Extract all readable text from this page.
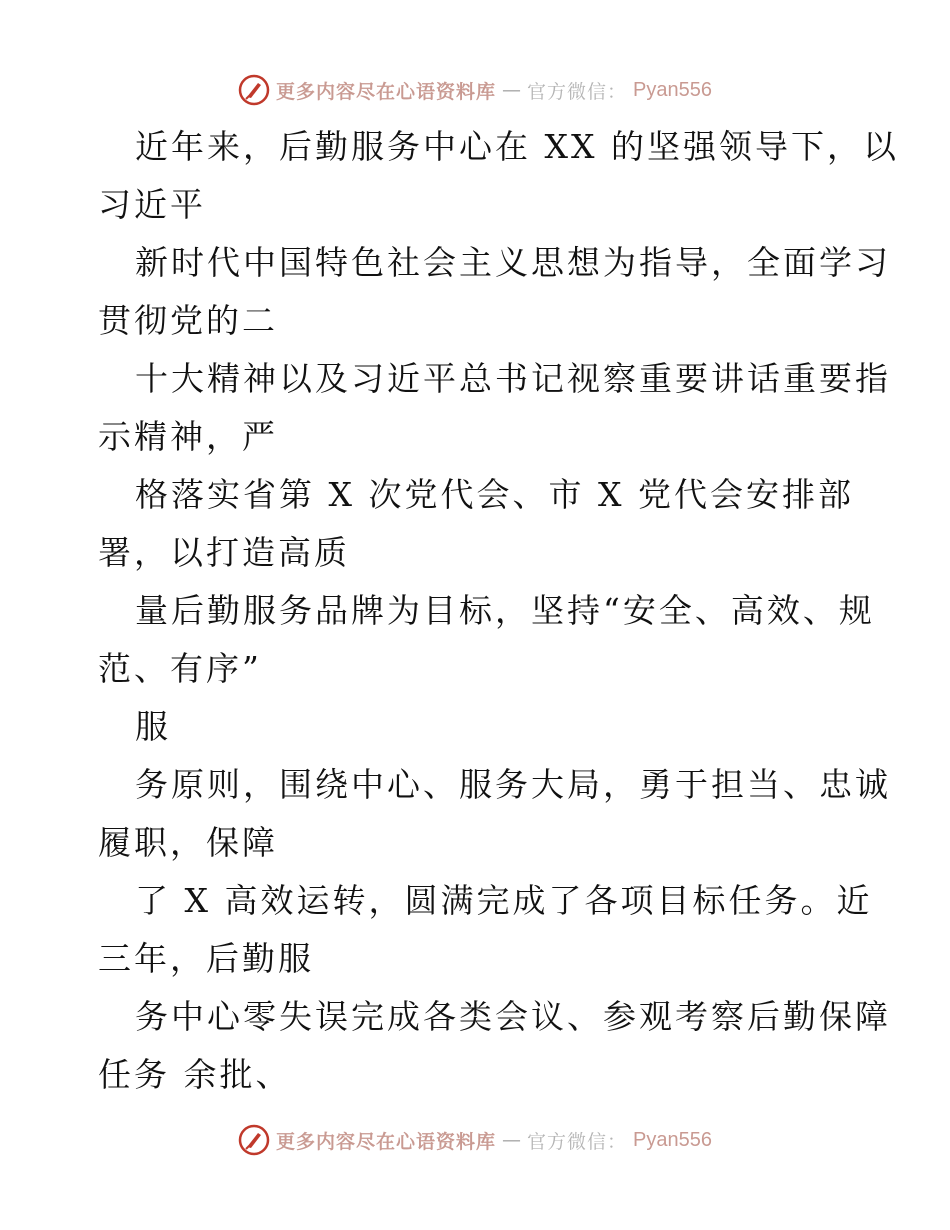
更多内容尽在心语资料库 — 官方微信： Pyan556
近年来，后勤服务中心在 XX 的坚强领导下，以
习近平
新时代中国特色社会主义思想为指导，全面学习
贯彻党的二
十大精神以及习近平总书记视察重要讲话重要指
示精神，严
格落实省第 X 次党代会、市 X 党代会安排部
署，以打造高质
量后勤服务品牌为目标，坚持“安全、高效、规
范、有序”
服
务原则，围绕中心、服务大局，勇于担当、忠诚
履职，保障
了 X 高效运转，圆满完成了各项目标任务。近
三年，后勤服
务中心零失误完成各类会议、参观考察后勤保障
任务 余批、
更多内容尽在心语资料库 — 官方微信： Pyan556
